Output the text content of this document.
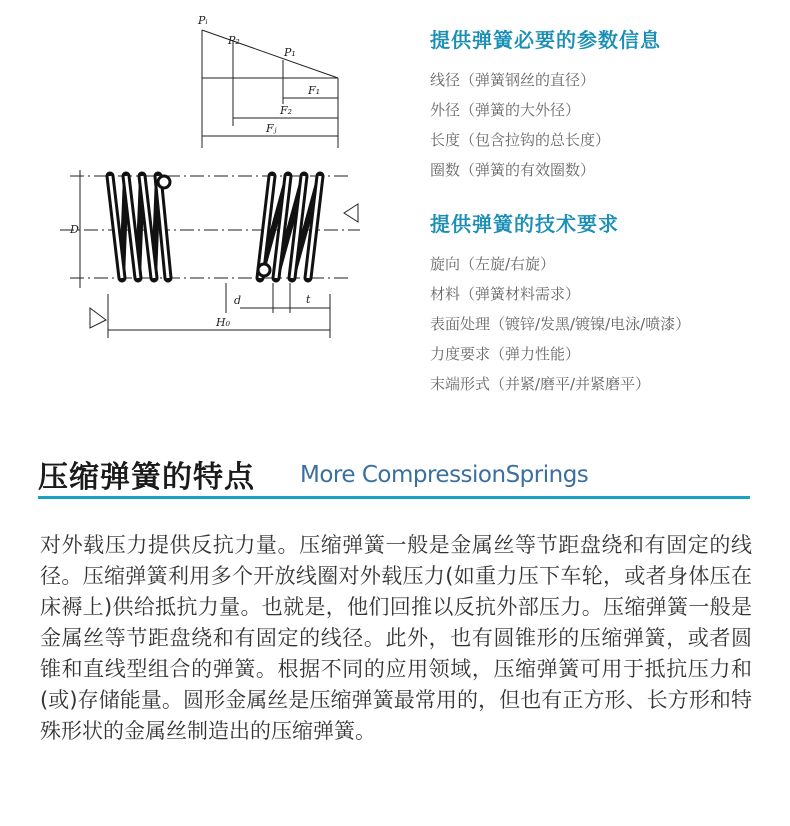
Pᵢ
P₂
P₁
F₁
F₂
Fⱼ
D
d	t
H₀
提供弹簧必要的参数信息
线径（弹簧钢丝的直径）
外径（弹簧的大外径）
长度（包含拉钩的总长度）
圈数（弹簧的有效圈数）
提供弹簧的技术要求
旋向（左旋/右旋）
材料（弹簧材料需求）
表面处理（镀锌/发黑/镀镍/电泳/喷漆）
力度要求（弹力性能）
末端形式（并紧/磨平/并紧磨平）
压缩弹簧的特点 More CompressionSprings
对外载压力提供反抗力量。压缩弹簧一般是金属丝等节距盘绕和有固定的线径。压缩弹簧利用多个开放线圈对外载压力(如重力压下车轮，或者身体压在床褥上)供给抵抗力量。也就是，他们回推以反抗外部压力。压缩弹簧一般是金属丝等节距盘绕和有固定的线径。此外，也有圆锥形的压缩弹簧，或者圆锥和直线型组合的弹簧。根据不同的应用领域，压缩弹簧可用于抵抗压力和(或)存储能量。圆形金属丝是压缩弹簧最常用的，但也有正方形、长方形和特殊形状的金属丝制造出的压缩弹簧。
